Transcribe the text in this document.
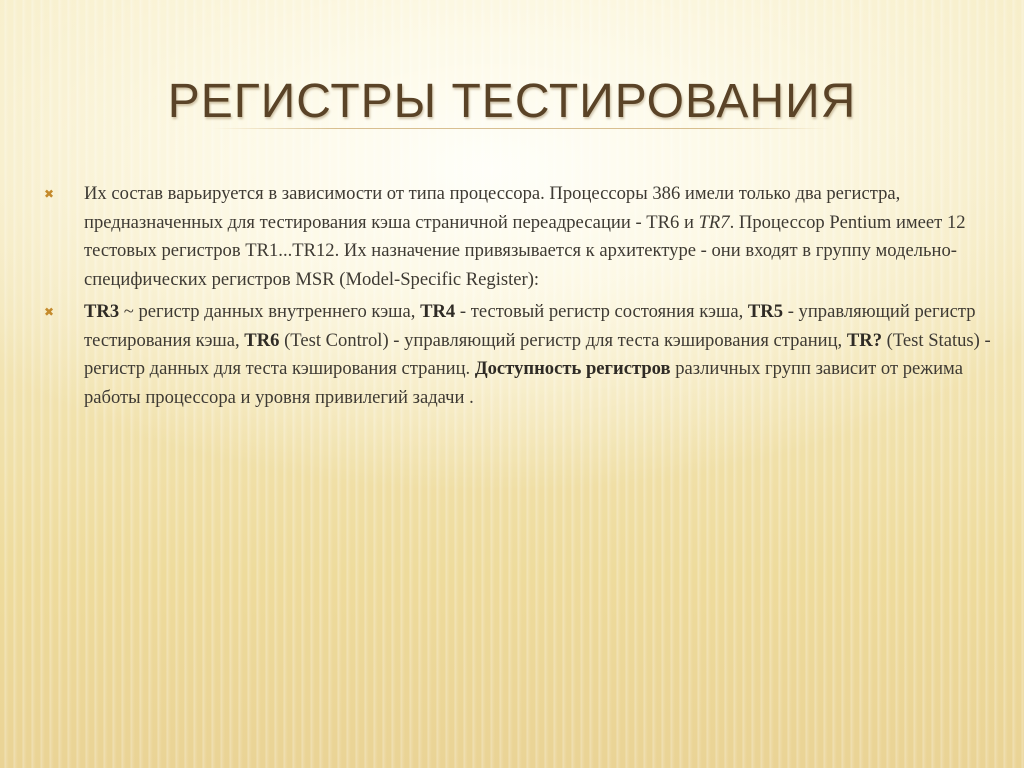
РЕГИСТРЫ ТЕСТИРОВАНИЯ
✖ Их состав варьируется в зависимости от типа процессора. Процессоры 386 имели только два регистра, предназначенных для тестирования кэша страничной переадресации - TR6 и TR7. Процессор Pentium имеет 12 тестовых регистров TR1...TR12. Их назначение привязывается к архитектуре - они входят в группу модельно-специфических регистров MSR (Model-Specific Register):
✖ TR3 ~ регистр данных внутреннего кэша, TR4 - тестовый регистр состояния кэша, TR5 - управляющий регистр тестирования кэша, TR6 (Test Control) - управляющий регистр для теста кэширования страниц, TR? (Test Status) - регистр данных для теста кэширования страниц. Доступность регистров различных групп зависит от режима работы процессора и уровня привилегий задачи .
